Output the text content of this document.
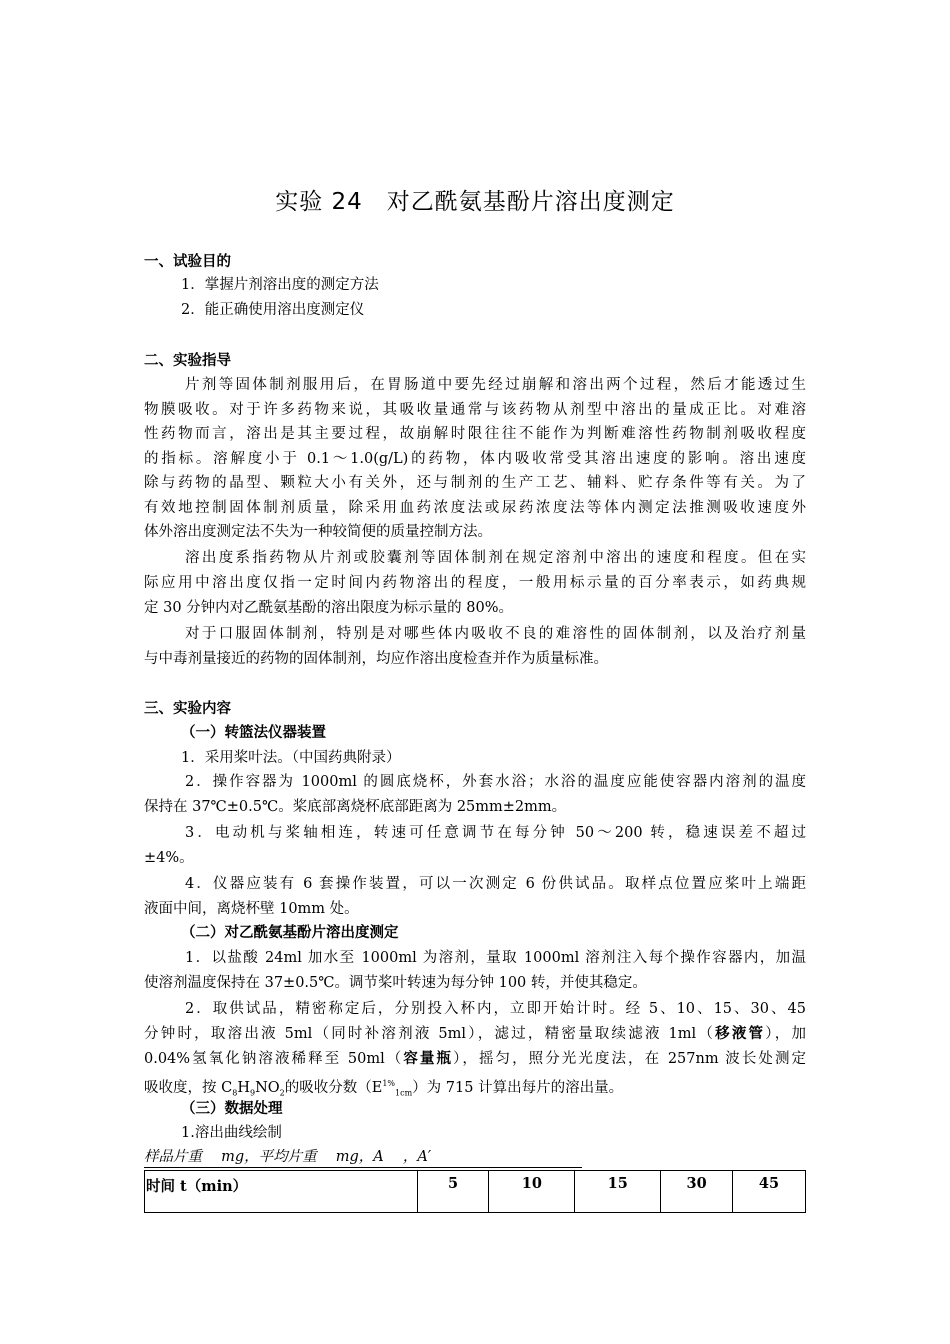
实验 24　对乙酰氨基酚片溶出度测定
一、试验目的
1．掌握片剂溶出度的测定方法
2．能正确使用溶出度测定仪
二、实验指导
片剂等固体制剂服用后，在胃肠道中要先经过崩解和溶出两个过程，然后才能透过生
物膜吸收。对于许多药物来说，其吸收量通常与该药物从剂型中溶出的量成正比。对难溶
性药物而言，溶出是其主要过程，故崩解时限往往不能作为判断难溶性药物制剂吸收程度
的指标。溶解度小于 0.1～1.0(g/L)的药物，体内吸收常受其溶出速度的影响。溶出速度
除与药物的晶型、颗粒大小有关外，还与制剂的生产工艺、辅料、贮存条件等有关。为了
有效地控制固体制剂质量，除采用血药浓度法或尿药浓度法等体内测定法推测吸收速度外
体外溶出度测定法不失为一种较简便的质量控制方法。
溶出度系指药物从片剂或胶囊剂等固体制剂在规定溶剂中溶出的速度和程度。但在实
际应用中溶出度仅指一定时间内药物溶出的程度，一般用标示量的百分率表示，如药典规
定 30 分钟内对乙酰氨基酚的溶出限度为标示量的 80%。
对于口服固体制剂，特别是对哪些体内吸收不良的难溶性的固体制剂，以及治疗剂量
与中毒剂量接近的药物的固体制剂，均应作溶出度检查并作为质量标准。
三、实验内容
（一）转篮法仪器装置
1．采用桨叶法。（中国药典附录）
2．操作容器为 1000ml 的圆底烧杯，外套水浴；水浴的温度应能使容器内溶剂的温度
保持在 37℃±0.5℃。桨底部离烧杯底部距离为 25mm±2mm。
3．电动机与桨轴相连，转速可任意调节在每分钟 50～200 转，稳速误差不超过
±4%。
4．仪器应装有 6 套操作装置，可以一次测定 6 份供试品。取样点位置应桨叶上端距
液面中间，离烧杯壁 10mm 处。
（二）对乙酰氨基酚片溶出度测定
1．以盐酸 24ml 加水至 1000ml 为溶剂，量取 1000ml 溶剂注入每个操作容器内，加温
使溶剂温度保持在 37±0.5℃。调节桨叶转速为每分钟 100 转，并使其稳定。
2．取供试品，精密称定后，分别投入杯内，立即开始计时。经 5、10、15、30、45
分钟时，取溶出液 5ml（同时补溶剂液 5ml），滤过，精密量取续滤液 1ml（移液管），加
0.04%氢氧化钠溶液稀释至 50ml（容量瓶），摇匀，照分光光度法，在 257nm 波长处测定
吸收度，按 $C_8H_9NO_2$的吸收分数$(E^{1\%}_{1cm})$为 715 计算出每片的溶出量。
（三）数据处理
1.溶出曲线绘制
样品片重　 mg，平均片重　 mg，A　 ，A′
时间 t（min）	5	10	15	30	45
